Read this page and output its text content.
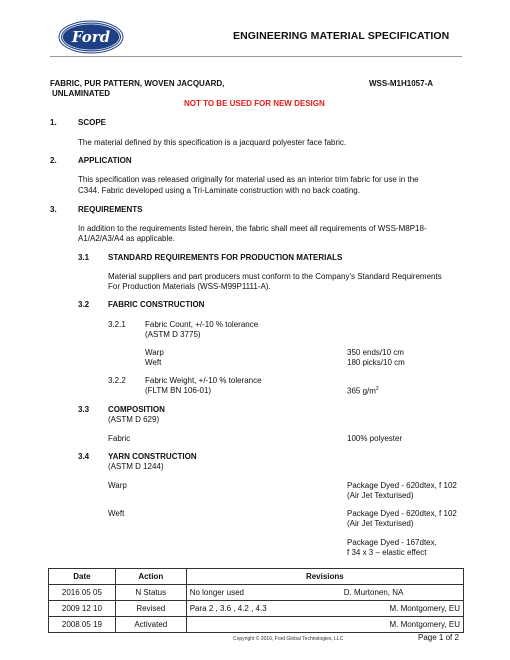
Ford	ENGINEERING MATERIAL SPECIFICATION
FABRIC, PUR PATTERN, WOVEN JACQUARD,
UNLAMINATED
WSS-M1H1057-A
NOT TO BE USED FOR NEW DESIGN
1.	SCOPE
The material defined by this specification is a jacquard polyester face fabric.
2.	APPLICATION
This specification was released originally for material used as an interior trim fabric for use in the
C344. Fabric developed using a Tri-Laminate construction with no back coating.
3.	REQUIREMENTS
In addition to the requirements listed herein, the fabric shall meet all requirements of WSS-M8P18-
A1/A2/A3/A4 as applicable.
3.1 STANDARD REQUIREMENTS FOR PRODUCTION MATERIALS
Material suppliers and part producers must conform to the Company's Standard Requirements
For Production Materials (WSS-M99P1111-A).
3.2 FABRIC CONSTRUCTION
3.2.1 Fabric Count, +/-10 % tolerance
(ASTM D 3775)
Warp	350 ends/10 cm
Weft	180 picks/10 cm
3.2.2 Fabric Weight, +/-10 % tolerance
(FLTM BN 106-01)	365 $g/m^2$
3.3 COMPOSITION
(ASTM D 629)
Fabric	100% polyester
3.4 YARN CONSTRUCTION
(ASTM D 1244)
Warp	Package Dyed - 620dtex, f 102
(Air Jet Texturised)
Weft	Package Dyed - 620dtex, f 102
(Air Jet Texturised)
Package Dyed - 167dtex,
f 34 x 3 – elastic effect
Date	Action	Revisions	
2016 05 05	N Status	No longer used	D. Murtonen, NA
2009 12 10	Revised	Para 2 , 3.6 , 4.2 , 4.3	M. Montgomery, EU
2008 05 19	Activated		M. Montgomery, EU
Copyright © 2016, Ford Global Technologies, LLC	Page 1 of 2
